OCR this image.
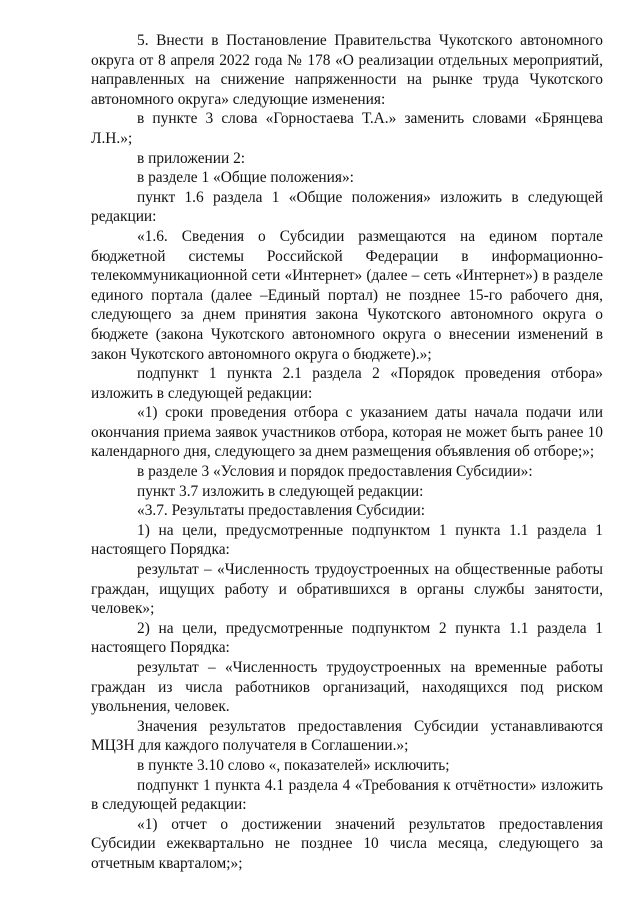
5. Внести в Постановление Правительства Чукотского автономного округа от 8 апреля 2022 года № 178 «О реализации отдельных мероприятий, направленных на снижение напряженности на рынке труда Чукотского автономного округа» следующие изменения:

в пункте 3 слова «Горностаева Т.А.» заменить словами «Брянцева Л.Н.»;

в приложении 2:

в разделе 1 «Общие положения»:

пункт 1.6 раздела 1 «Общие положения» изложить в следующей редакции:

«1.6. Сведения о Субсидии размещаются на едином портале бюджетной системы Российской Федерации в информационно-телекоммуникационной сети «Интернет» (далее – сеть «Интернет») в разделе единого портала (далее –Единый портал) не позднее 15-го рабочего дня, следующего за днем принятия закона Чукотского автономного округа о бюджете (закона Чукотского автономного округа о внесении изменений в закон Чукотского автономного округа о бюджете).»;

подпункт 1 пункта 2.1 раздела 2 «Порядок проведения отбора» изложить в следующей редакции:

«1) сроки проведения отбора с указанием даты начала подачи или окончания приема заявок участников отбора, которая не может быть ранее 10 календарного дня, следующего за днем размещения объявления об отборе;»;

в разделе 3 «Условия и порядок предоставления Субсидии»:

пункт 3.7 изложить в следующей редакции:

«3.7. Результаты предоставления Субсидии:

1) на цели, предусмотренные подпунктом 1 пункта 1.1 раздела 1 настоящего Порядка:

результат – «Численность трудоустроенных на общественные работы граждан, ищущих работу и обратившихся в органы службы занятости, человек»;

2) на цели, предусмотренные подпунктом 2 пункта 1.1 раздела 1 настоящего Порядка:

результат – «Численность трудоустроенных на временные работы граждан из числа работников организаций, находящихся под риском увольнения, человек.

Значения результатов предоставления Субсидии устанавливаются МЦЗН для каждого получателя в Соглашении.»;

в пункте 3.10 слово «, показателей» исключить;

подпункт 1 пункта 4.1 раздела 4 «Требования к отчётности» изложить в следующей редакции:

«1) отчет о достижении значений результатов предоставления Субсидии ежеквартально не позднее 10 числа месяца, следующего за отчетным кварталом;»;
